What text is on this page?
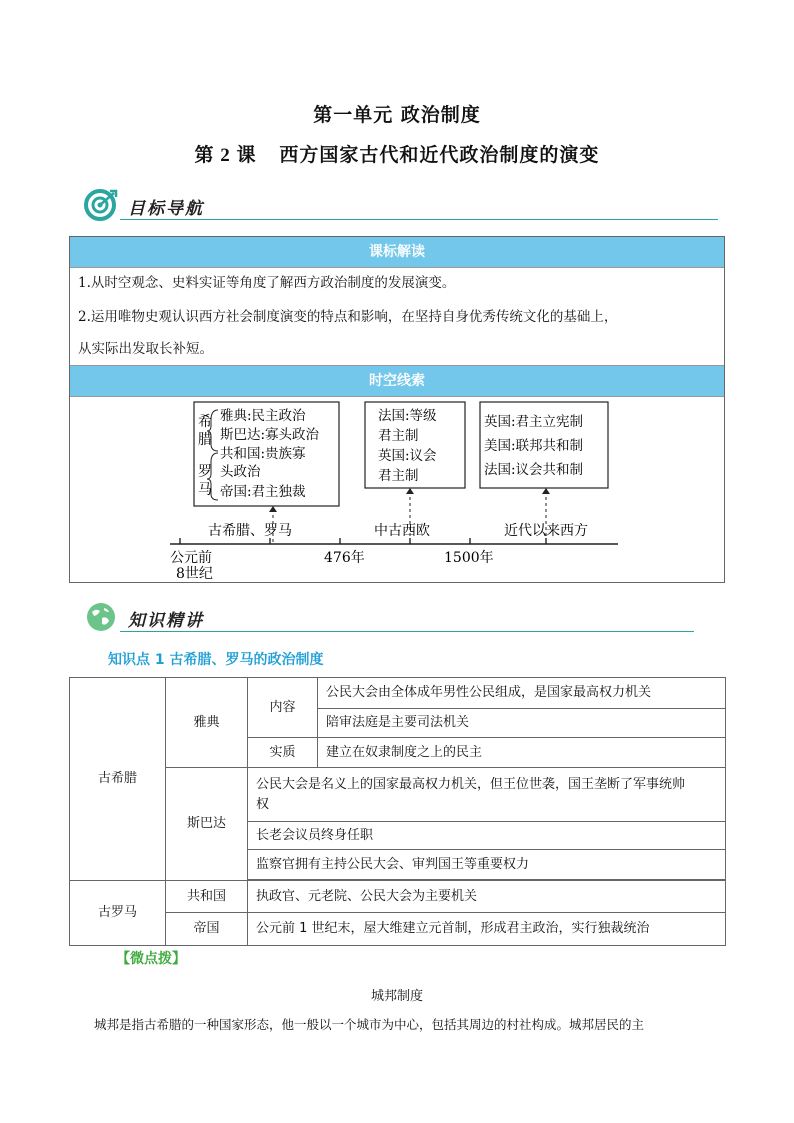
第一单元 政治制度
第 2 课 西方国家古代和近代政治制度的演变
目标导航
课标解读
1.从时空观念、史料实证等角度了解西方政治制度的发展演变。
2.运用唯物史观认识西方社会制度演变的特点和影响，在坚持自身优秀传统文化的基础上，
从实际出发取长补短。
时空线索
希
腊
罗
马
雅典:民主政治
斯巴达:寡头政治
共和国:贵族寡
头政治
帝国:君主独裁
法国:等级
君主制
英国:议会
君主制
英国:君主立宪制
美国:联邦共和制
法国:议会共和制
古希腊、罗马	中古西欧	近代以来西方
公元前
8世纪
476年	1500年
知识精讲
知识点 1 古希腊、罗马的政治制度
古希腊	雅典	内容	公民大会由全体成年男性公民组成，是国家最高权力机关
			陪审法庭是主要司法机关
		实质	建立在奴隶制度之上的民主
	斯巴达	公民大会是名义上的国家最高权力机关，但王位世袭，国王垄断了军事统帅
权	
		长老会议员终身任职	
		监察官拥有主持公民大会、审判国王等重要权力	

古罗马	共和国	执政官、元老院、公民大会为主要机关	
	帝国	公元前 1 世纪末，屋大维建立元首制，形成君主政治，实行独裁统治	
【微点拨】
城邦制度
城邦是指古希腊的一种国家形态，他一般以一个城市为中心，包括其周边的村社构成。城邦居民的主
